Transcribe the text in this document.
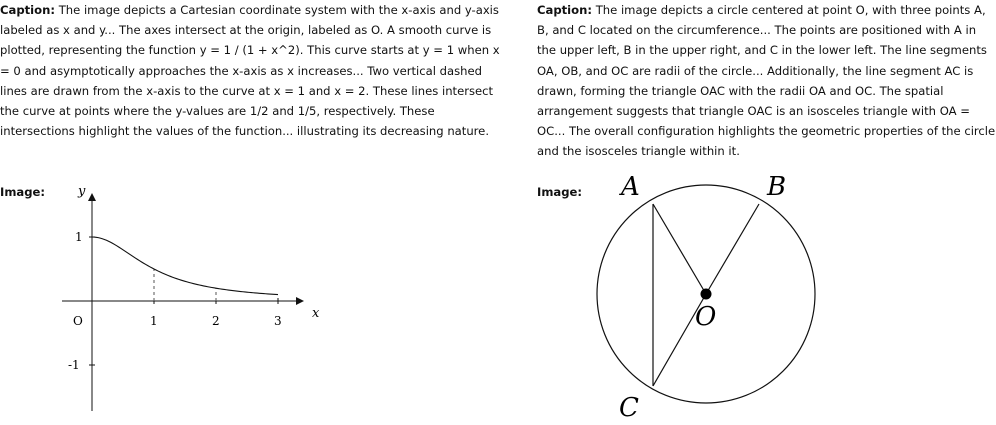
Caption: The image depicts a Cartesian coordinate system with the x-axis and y-axis labeled as x and y... The axes intersect at the origin, labeled as O. A smooth curve is plotted, representing the function y = 1 / (1 + x^2). This curve starts at y = 1 when x = 0 and asymptotically approaches the x-axis as x increases... Two vertical dashed lines are drawn from the x-axis to the curve at x = 1 and x = 2. These lines intersect the curve at points where the y-values are 1/2 and 1/5, respectively. These intersections highlight the values of the function... illustrating its decreasing nature.

Image:
1	2	3
1
-1
y
x
O

Caption: The image depicts a circle centered at point O, with three points A, B, and C located on the circumference... The points are positioned with A in the upper left, B in the upper right, and C in the lower left. The line segments OA, OB, and OC are radii of the circle... Additionally, the line segment AC is drawn, forming the triangle OAC with the radii OA and OC. The spatial arrangement suggests that triangle OAC is an isosceles triangle with OA = OC... The overall configuration highlights the geometric properties of the circle and the isosceles triangle within it.

Image: A	B
O
C
